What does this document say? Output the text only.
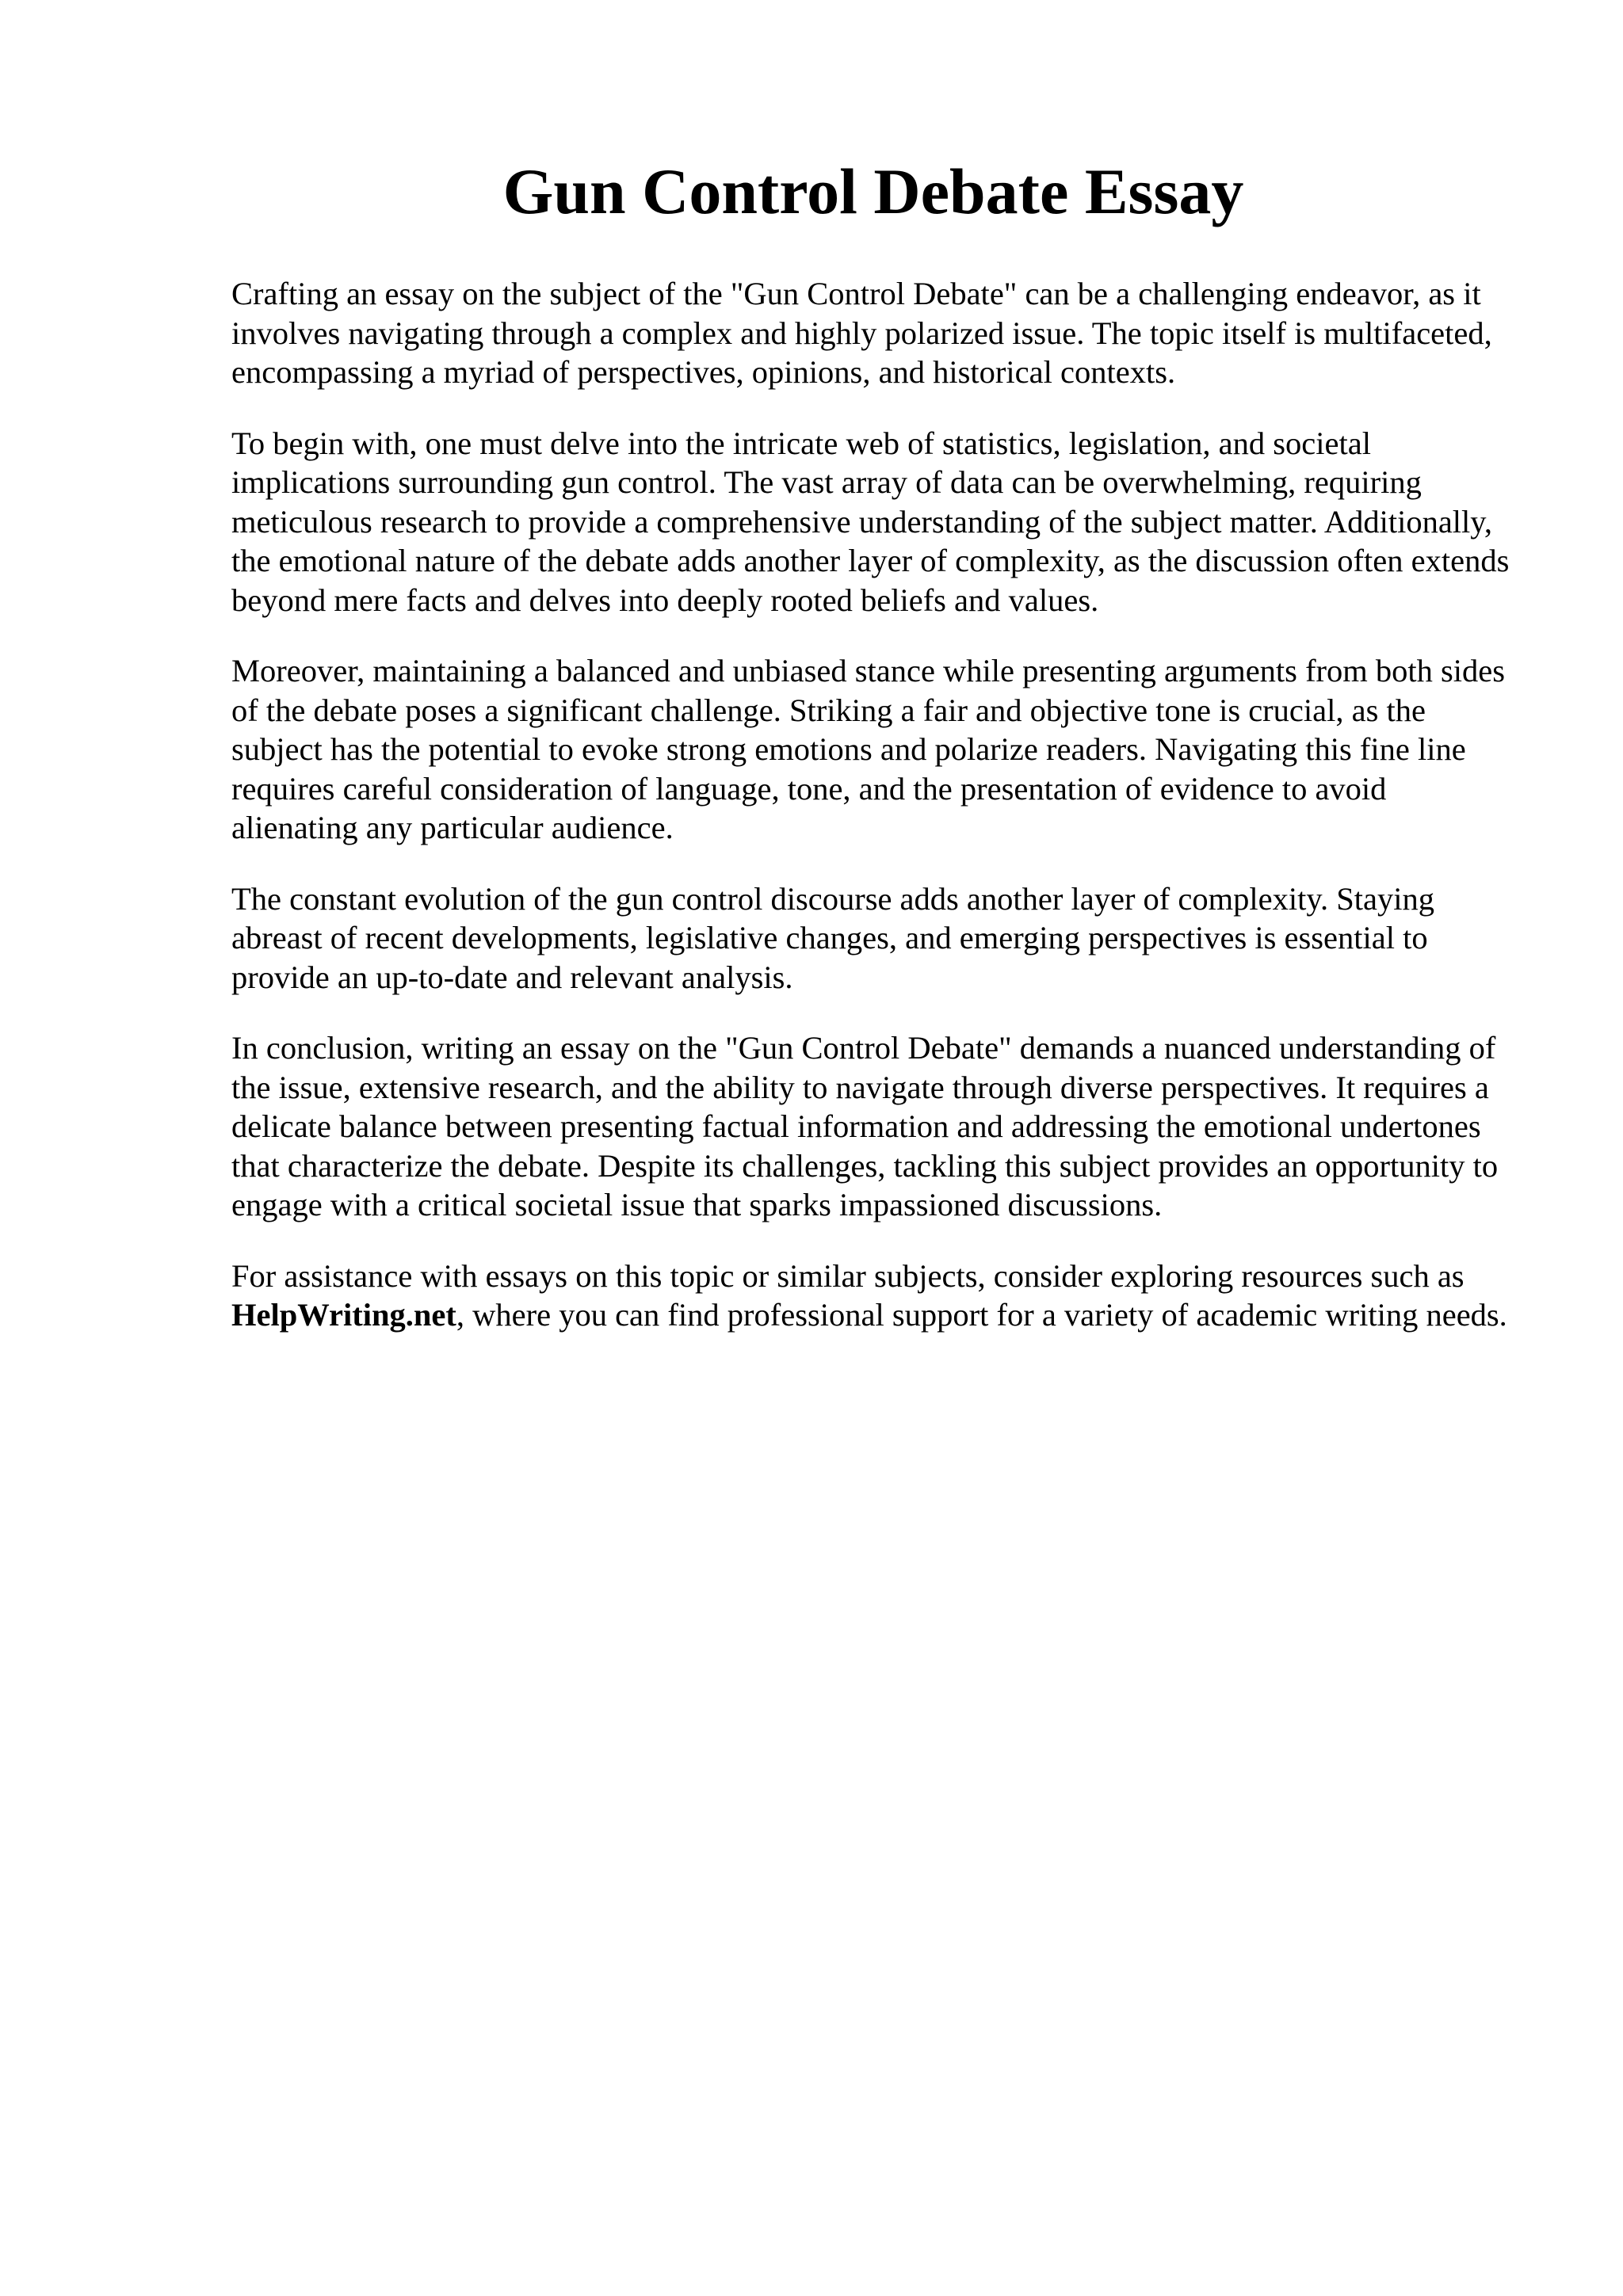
Gun Control Debate Essay

Crafting an essay on the subject of the "Gun Control Debate" can be a challenging endeavor, as it involves navigating through a complex and highly polarized issue. The topic itself is multifaceted, encompassing a myriad of perspectives, opinions, and historical contexts.

To begin with, one must delve into the intricate web of statistics, legislation, and societal implications surrounding gun control. The vast array of data can be overwhelming, requiring meticulous research to provide a comprehensive understanding of the subject matter. Additionally, the emotional nature of the debate adds another layer of complexity, as the discussion often extends beyond mere facts and delves into deeply rooted beliefs and values.

Moreover, maintaining a balanced and unbiased stance while presenting arguments from both sides of the debate poses a significant challenge. Striking a fair and objective tone is crucial, as the subject has the potential to evoke strong emotions and polarize readers. Navigating this fine line requires careful consideration of language, tone, and the presentation of evidence to avoid alienating any particular audience.

The constant evolution of the gun control discourse adds another layer of complexity. Staying abreast of recent developments, legislative changes, and emerging perspectives is essential to provide an up-to-date and relevant analysis.

In conclusion, writing an essay on the "Gun Control Debate" demands a nuanced understanding of the issue, extensive research, and the ability to navigate through diverse perspectives. It requires a delicate balance between presenting factual information and addressing the emotional undertones that characterize the debate. Despite its challenges, tackling this subject provides an opportunity to engage with a critical societal issue that sparks impassioned discussions.

For assistance with essays on this topic or similar subjects, consider exploring resources such as HelpWriting.net, where you can find professional support for a variety of academic writing needs.
